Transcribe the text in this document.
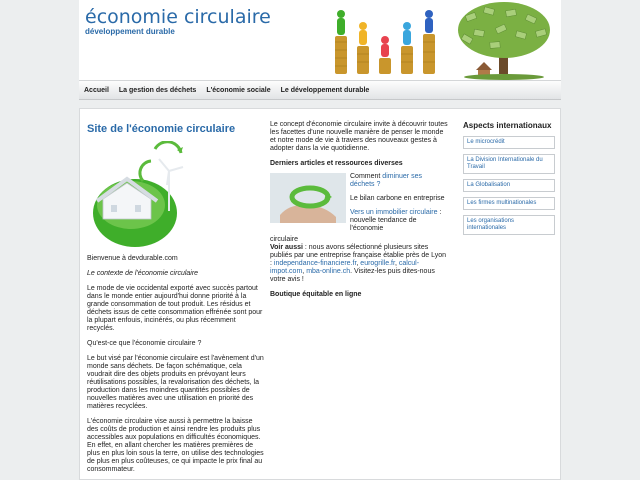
économie circulaire
développement durable
Accueil La gestion des déchets L'économie sociale Le développement durable
Site de l'économie circulaire

Bienvenue à devdurable.com

Le contexte de l'économie circulaire

Le mode de vie occidental exporté avec succès partout dans le monde entier aujourd'hui donne priorité à la grande consommation de tout produit. Les résidus et déchets issus de cette consommation effrénée sont pour la plupart enfouis, incinérés, ou plus récemment recyclés.

Qu'est-ce que l'économie circulaire ?

Le but visé par l'économie circulaire est l'avènement d'un monde sans déchets. De façon schématique, cela voudrait dire des objets produits en prévoyant leurs réutilisations possibles, la revalorisation des déchets, la production dans les moindres quantités possibles de nouvelles matières avec une utilisation en priorité des matières recyclées.

L'économie circulaire vise aussi à permettre la baisse des coûts de production et ainsi rendre les produits plus accessibles aux populations en difficultés économiques. En effet, en allant chercher les matières premières de plus en plus loin sous la terre, on utilise des technologies de plus en plus coûteuses, ce qui impacte le prix final au consommateur.

Le concept d'économie circulaire invite à découvrir toutes les facettes d'une nouvelle manière de penser le monde et notre mode de vie à travers des nouveaux gestes à adopter dans la vie quotidienne.

Derniers articles et ressources diverses
Comment diminuer ses déchets ?
Le bilan carbone en entreprise
Vers un immobilier circulaire : nouvelle tendance de l'économie

circulaire
Voir aussi : nous avons sélectionné plusieurs sites publiés par une entreprise française établie près de Lyon : independance-financiere.fr, eurogrille.fr, calcul-impot.com, mba-online.ch. Visitez-les puis dites-nous votre avis !

Boutique équitable en ligne
Aspects internationaux
Le microcrédit
La Division Internationale du Travail
La Globalisation
Les firmes multinationales
Les organisations internationales
